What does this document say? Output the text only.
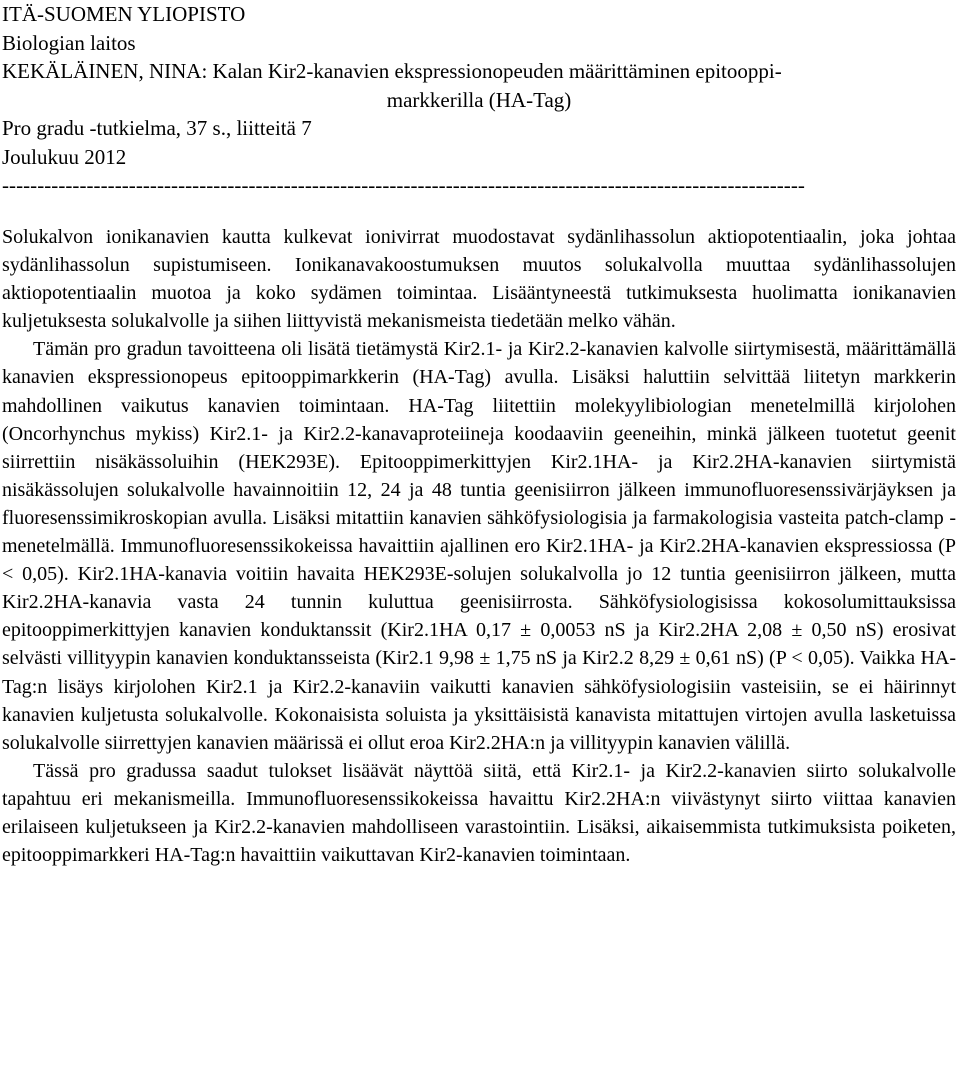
ITÄ-SUOMEN YLIOPISTO
Biologian laitos
KEKÄLÄINEN, NINA: Kalan Kir2-kanavien ekspressionopeuden määrittäminen epitooppi-
markkerilla (HA-Tag)
Pro gradu -tutkielma, 37 s., liitteitä 7
Joulukuu 2012
------------------------------------------------------------------------------------------------------------------

Solukalvon ionikanavien kautta kulkevat ionivirrat muodostavat sydänlihassolun aktiopotentiaalin, joka johtaa sydänlihassolun supistumiseen. Ionikanavakoostumuksen muutos solukalvolla muuttaa sydänlihassolujen aktiopotentiaalin muotoa ja koko sydämen toimintaa. Lisääntyneestä tutkimuksesta huolimatta ionikanavien kuljetuksesta solukalvolle ja siihen liittyvistä mekanismeista tiedetään melko vähän.

Tämän pro gradun tavoitteena oli lisätä tietämystä Kir2.1- ja Kir2.2-kanavien kalvolle siirtymisestä, määrittämällä kanavien ekspressionopeus epitooppimarkkerin (HA-Tag) avulla. Lisäksi haluttiin selvittää liitetyn markkerin mahdollinen vaikutus kanavien toimintaan. HA-Tag liitettiin molekyylibiologian menetelmillä kirjolohen (Oncorhynchus mykiss) Kir2.1- ja Kir2.2-kanavaproteiineja koodaaviin geeneihin, minkä jälkeen tuotetut geenit siirrettiin nisäkässoluihin (HEK293E). Epitooppimerkittyjen Kir2.1HA- ja Kir2.2HA-kanavien siirtymistä nisäkässolujen solukalvolle havainnoitiin 12, 24 ja 48 tuntia geenisiirron jälkeen immunofluoresenssivärjäyksen ja fluoresenssimikroskopian avulla. Lisäksi mitattiin kanavien sähköfysiologisia ja farmakologisia vasteita patch-clamp -menetelmällä. Immunofluoresenssikokeissa havaittiin ajallinen ero Kir2.1HA- ja Kir2.2HA-kanavien ekspressiossa (P < 0,05). Kir2.1HA-kanavia voitiin havaita HEK293E-solujen solukalvolla jo 12 tuntia geenisiirron jälkeen, mutta Kir2.2HA-kanavia vasta 24 tunnin kuluttua geenisiirrosta. Sähköfysiologisissa kokosolumittauksissa epitooppimerkittyjen kanavien konduktanssit (Kir2.1HA 0,17 ± 0,0053 nS ja Kir2.2HA 2,08 ± 0,50 nS) erosivat selvästi villityypin kanavien konduktansseista (Kir2.1 9,98 ± 1,75 nS ja Kir2.2 8,29 ± 0,61 nS) (P < 0,05). Vaikka HA-Tag:n lisäys kirjolohen Kir2.1 ja Kir2.2-kanaviin vaikutti kanavien sähköfysiologisiin vasteisiin, se ei häirinnyt kanavien kuljetusta solukalvolle. Kokonaisista soluista ja yksittäisistä kanavista mitattujen virtojen avulla lasketuissa solukalvolle siirrettyjen kanavien määrissä ei ollut eroa Kir2.2HA:n ja villityypin kanavien välillä.

Tässä pro gradussa saadut tulokset lisäävät näyttöä siitä, että Kir2.1- ja Kir2.2-kanavien siirto solukalvolle tapahtuu eri mekanismeilla. Immunofluoresenssikokeissa havaittu Kir2.2HA:n viivästynyt siirto viittaa kanavien erilaiseen kuljetukseen ja Kir2.2-kanavien mahdolliseen varastointiin. Lisäksi, aikaisemmista tutkimuksista poiketen, epitooppimarkkeri HA-Tag:n havaittiin vaikuttavan Kir2-kanavien toimintaan.
